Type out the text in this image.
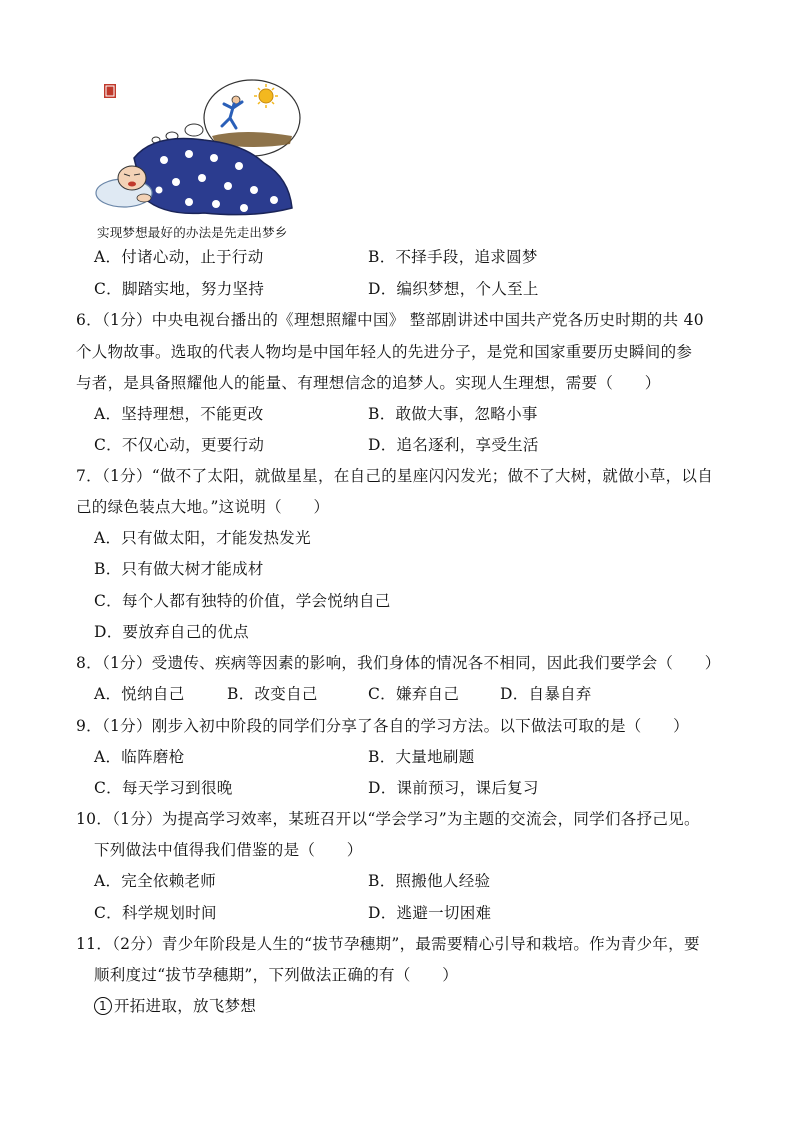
实现梦想最好的办法是先走出梦乡
A．付诸心动，止于行动	B．不择手段，追求圆梦
C．脚踏实地，努力坚持	D．编织梦想，个人至上
6．（1分）中央电视台播出的《理想照耀中国》 整部剧讲述中国共产党各历史时期的共 40
个人物故事。选取的代表人物均是中国年轻人的先进分子，是党和国家重要历史瞬间的参
与者，是具备照耀他人的能量、有理想信念的追梦人。实现人生理想，需要（　　）
A．坚持理想，不能更改	B．敢做大事，忽略小事
C．不仅心动，更要行动	D．追名逐利，享受生活
7．（1分）“做不了太阳，就做星星，在自己的星座闪闪发光；做不了大树，就做小草，以自
己的绿色装点大地。”这说明（　　）
A．只有做太阳，才能发热发光
B．只有做大树才能成材
C．每个人都有独特的价值，学会悦纳自己
D．要放弃自己的优点
8．（1分）受遗传、疾病等因素的影响，我们身体的情况各不相同，因此我们要学会（　　）
A．悦纳自己	B．改变自己	C．嫌弃自己	D．自暴自弃
9．（1分）刚步入初中阶段的同学们分享了各自的学习方法。以下做法可取的是（　　）
A．临阵磨枪	B．大量地刷题
C．每天学习到很晚	D．课前预习，课后复习
10．（1分）为提高学习效率，某班召开以“学会学习”为主题的交流会，同学们各抒己见。
下列做法中值得我们借鉴的是（　　）
A．完全依赖老师	B．照搬他人经验
C．科学规划时间	D．逃避一切困难
11．（2分）青少年阶段是人生的“拔节孕穗期”，最需要精心引导和栽培。作为青少年，要
顺利度过“拔节孕穗期”，下列做法正确的有（　　）
1 开拓进取，放飞梦想
